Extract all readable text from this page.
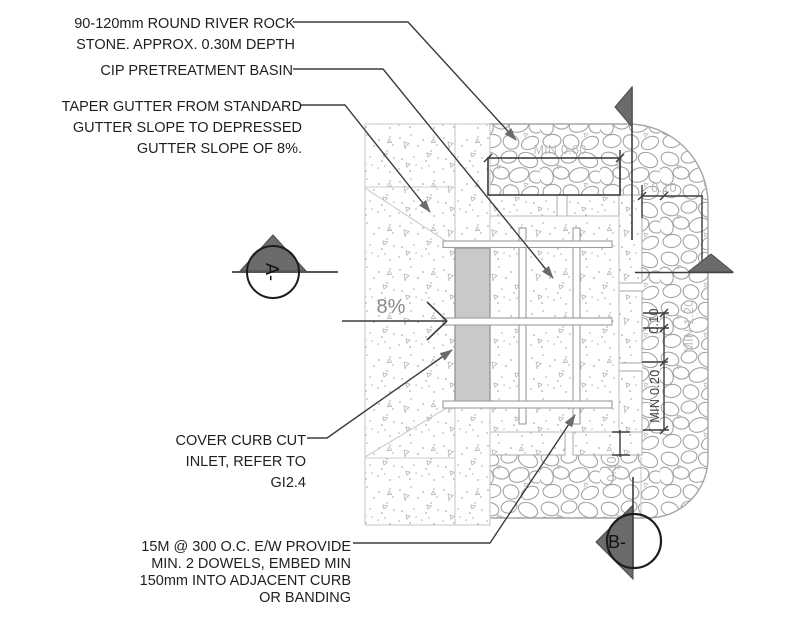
A-
B-
90-120mm ROUND RIVER ROCK
STONE. APPROX. 0.30M DEPTH
CIP PRETREATMENT BASIN
TAPER GUTTER FROM STANDARD
GUTTER SLOPE TO DEPRESSED
GUTTER SLOPE OF 8%.
COVER CURB CUT
INLET, REFER TO
GI2.4
15M @ 300 O.C. E/W PROVIDE
MIN. 2 DOWELS, EMBED MIN
150mm INTO ADJACENT CURB
OR BANDING
8%
MIN 0.60
0.10
MIN 1.20
0.10
MIN 0.20
0.10
